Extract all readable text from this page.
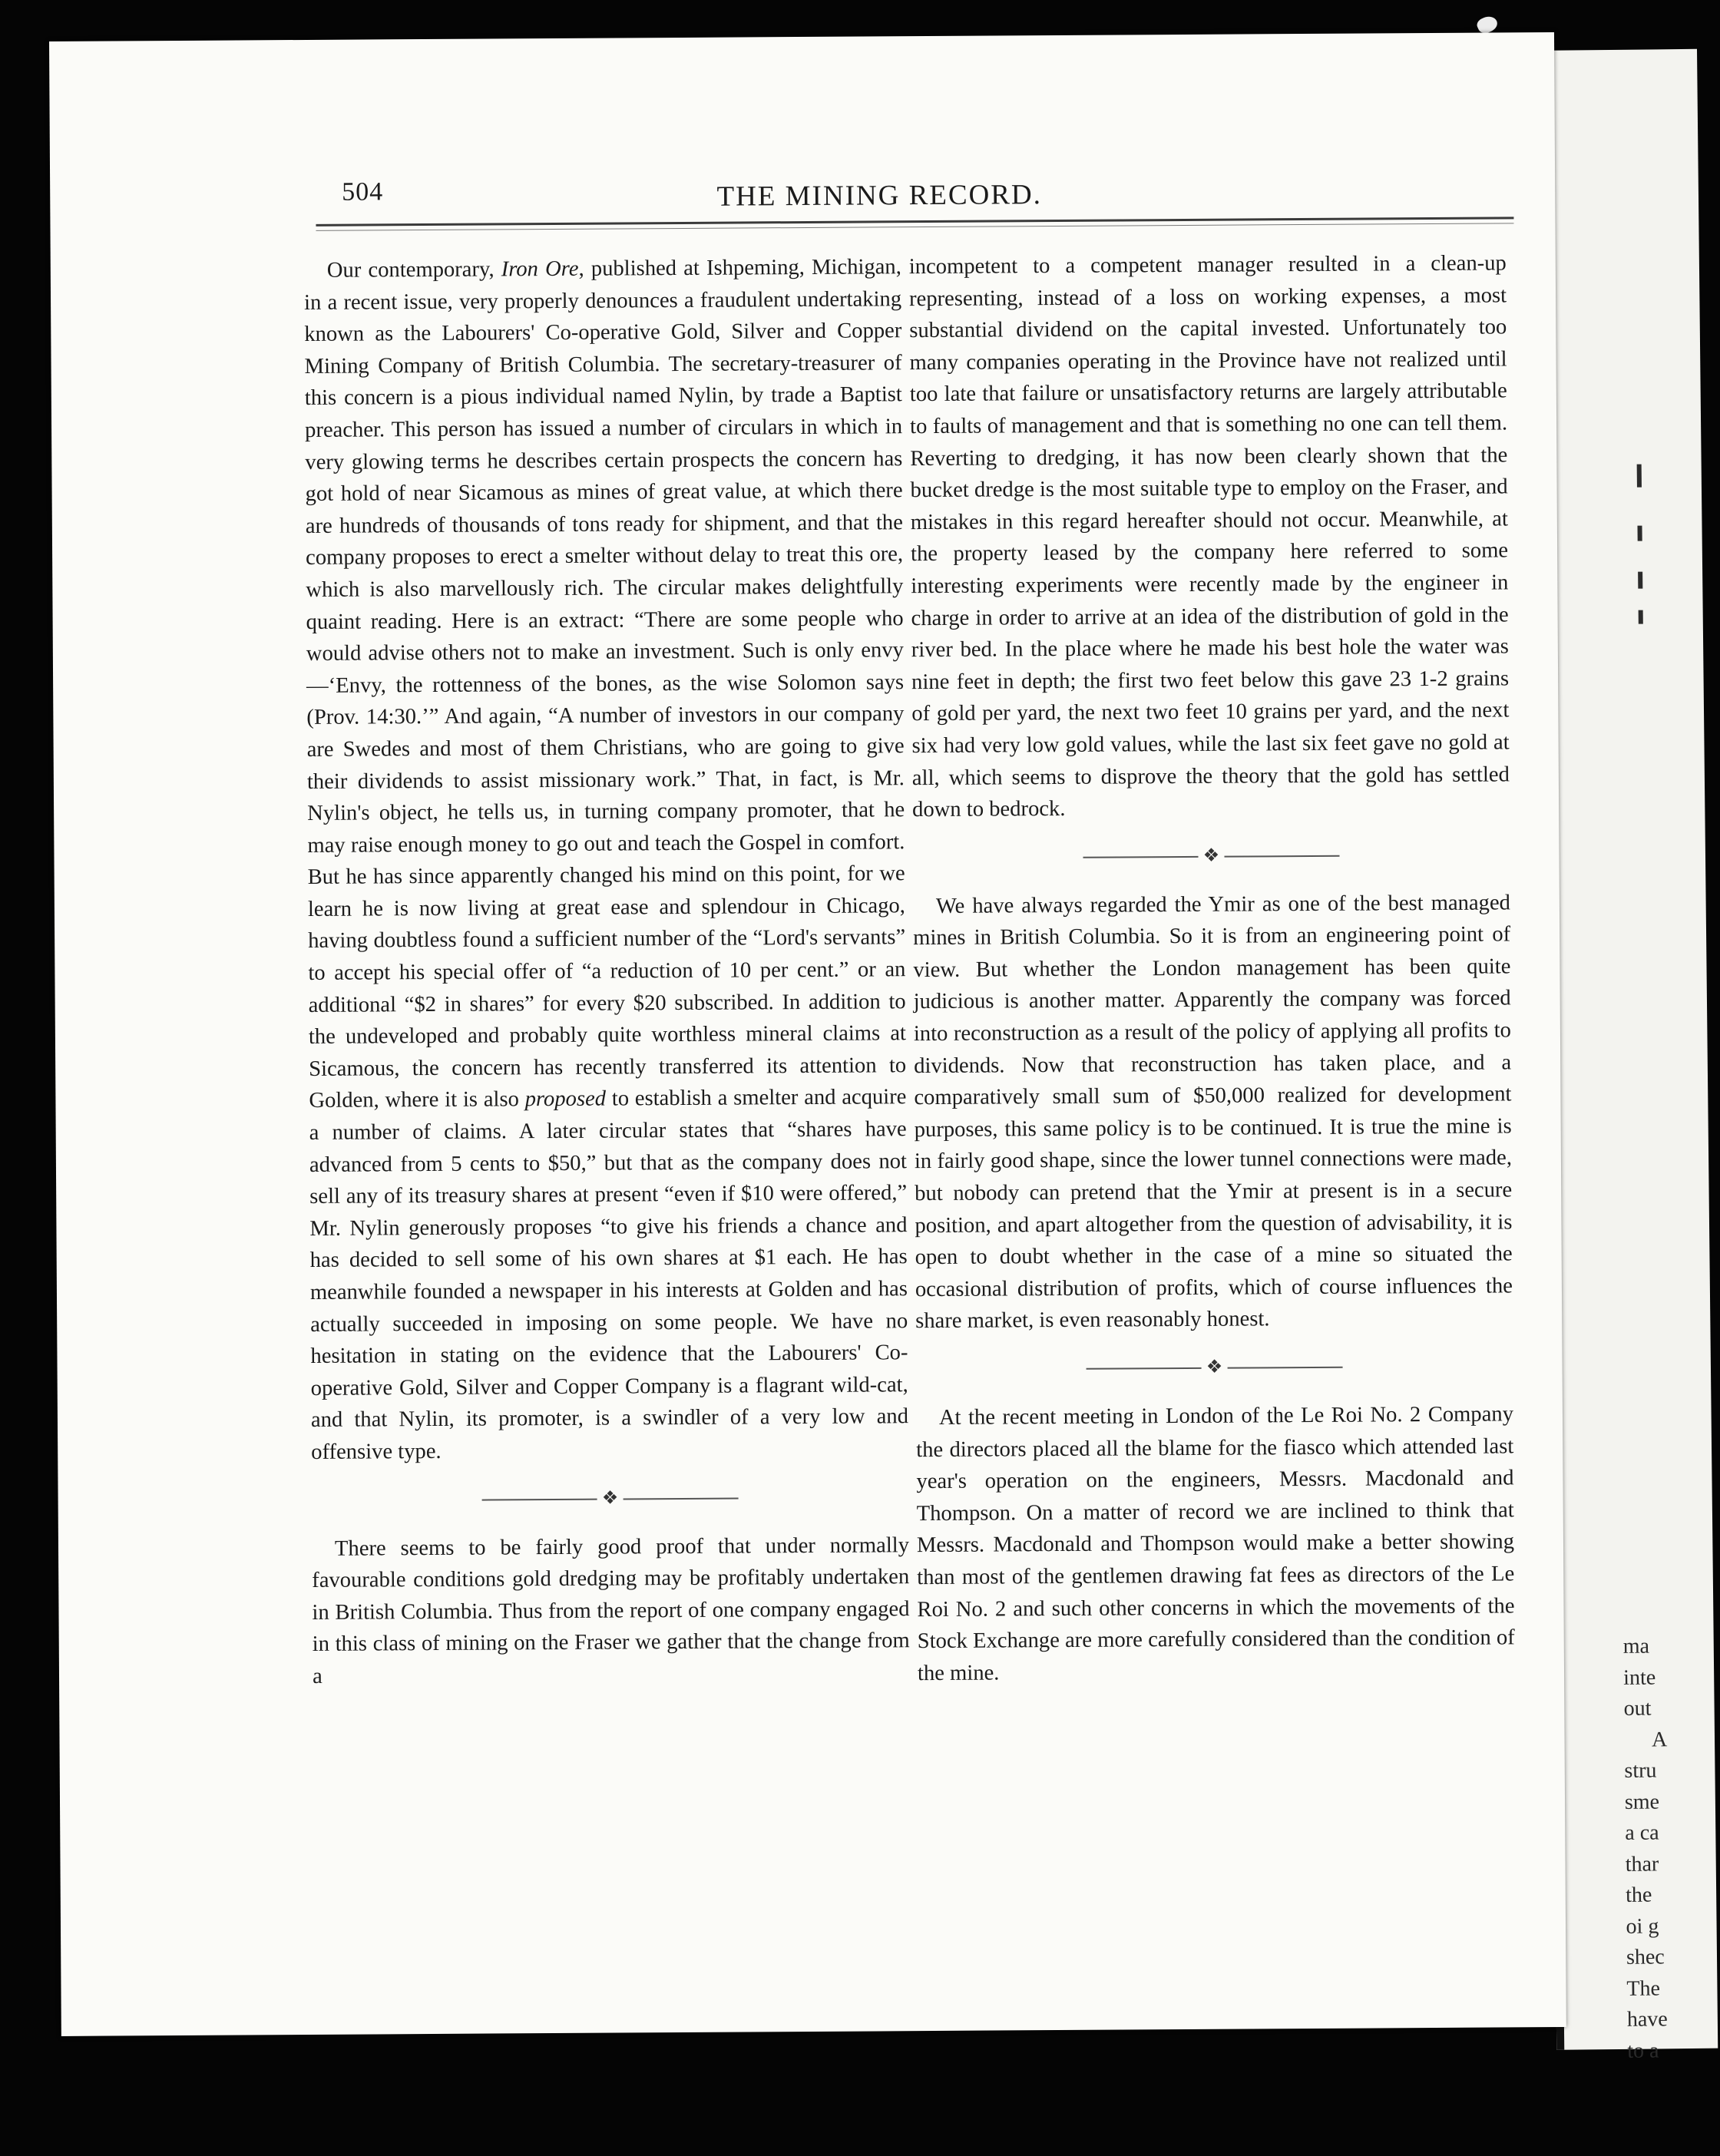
ma
inte
out
A
stru
sme
a ca
thar
the
oi g
shec
The
have
to a
504	THE MINING RECORD.

Our contemporary, Iron Ore, published at Ishpeming, Michigan, in a recent issue, very properly denounces a fraudulent undertaking known as the Labourers' Co-operative Gold, Silver and Copper Mining Company of British Columbia. The secretary-treasurer of this concern is a pious individual named Nylin, by trade a Baptist preacher. This person has issued a number of circulars in which in very glowing terms he describes certain prospects the concern has got hold of near Sicamous as mines of great value, at which there are hundreds of thousands of tons ready for shipment, and that the company proposes to erect a smelter without delay to treat this ore, which is also marvellously rich. The circular makes delightfully quaint reading. Here is an extract: “There are some people who would advise others not to make an investment. Such is only envy—‘Envy, the rottenness of the bones, as the wise Solomon says (Prov. 14:30.’” And again, “A number of investors in our company are Swedes and most of them Christians, who are going to give their dividends to assist missionary work.” That, in fact, is Mr. Nylin's object, he tells us, in turning company promoter, that he may raise enough money to go out and teach the Gospel in comfort. But he has since apparently changed his mind on this point, for we learn he is now living at great ease and splendour in Chicago, having doubtless found a sufficient number of the “Lord's servants” to accept his special offer of “a reduction of 10 per cent.” or an additional “$2 in shares” for every $20 subscribed. In addition to the undeveloped and probably quite worthless mineral claims at Sicamous, the concern has recently transferred its attention to Golden, where it is also proposed to establish a smelter and acquire a number of claims. A later circular states that “shares have advanced from 5 cents to $50,” but that as the company does not sell any of its treasury shares at present “even if $10 were offered,” Mr. Nylin generously proposes “to give his friends a chance and has decided to sell some of his own shares at $1 each. He has meanwhile founded a newspaper in his interests at Golden and has actually succeeded in imposing on some people. We have no hesitation in stating on the evidence that the Labourers' Co-operative Gold, Silver and Copper Company is a flagrant wild-cat, and that Nylin, its promoter, is a swindler of a very low and offensive type.

❖

There seems to be fairly good proof that under normally favourable conditions gold dredging may be profitably undertaken in British Columbia. Thus from the report of one company engaged in this class of mining on the Fraser we gather that the change from a

incompetent to a competent manager resulted in a clean-up representing, instead of a loss on working expenses, a most substantial dividend on the capital invested. Unfortunately too many companies operating in the Province have not realized until too late that failure or unsatisfactory returns are largely attributable to faults of management and that is something no one can tell them. Reverting to dredging, it has now been clearly shown that the bucket dredge is the most suitable type to employ on the Fraser, and mistakes in this regard hereafter should not occur. Meanwhile, at the property leased by the company here referred to some interesting experiments were recently made by the engineer in charge in order to arrive at an idea of the distribution of gold in the river bed. In the place where he made his best hole the water was nine feet in depth; the first two feet below this gave 23 1-2 grains of gold per yard, the next two feet 10 grains per yard, and the next six had very low gold values, while the last six feet gave no gold at all, which seems to disprove the theory that the gold has settled down to bedrock.

❖

We have always regarded the Ymir as one of the best managed mines in British Columbia. So it is from an engineering point of view. But whether the London management has been quite judicious is another matter. Apparently the company was forced into reconstruction as a result of the policy of applying all profits to dividends. Now that reconstruction has taken place, and a comparatively small sum of $50,000 realized for development purposes, this same policy is to be continued. It is true the mine is in fairly good shape, since the lower tunnel connections were made, but nobody can pretend that the Ymir at present is in a secure position, and apart altogether from the question of advisability, it is open to doubt whether in the case of a mine so situated the occasional distribution of profits, which of course influences the share market, is even reasonably honest.

❖

At the recent meeting in London of the Le Roi No. 2 Company the directors placed all the blame for the fiasco which attended last year's operation on the engineers, Messrs. Macdonald and Thompson. On a matter of record we are inclined to think that Messrs. Macdonald and Thompson would make a better showing than most of the gentlemen drawing fat fees as directors of the Le Roi No. 2 and such other concerns in which the movements of the Stock Exchange are more carefully considered than the condition of the mine.
